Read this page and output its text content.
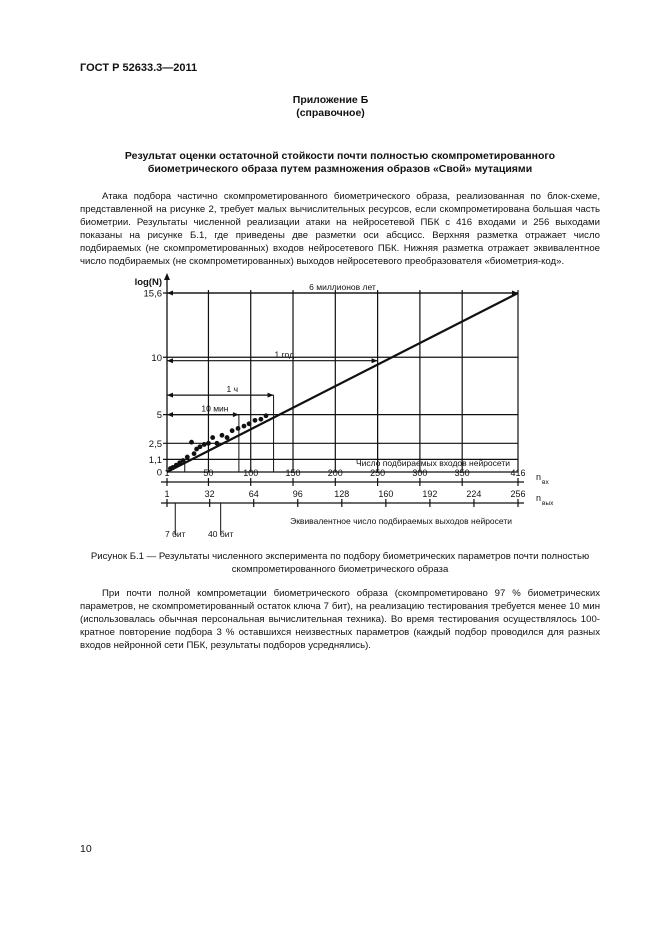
ГОСТ Р 52633.3—2011
Приложение Б
(справочное)
Результат оценки остаточной стойкости почти полностью скомпрометированного биометрического образа путем размножения образов «Свой» мутациями

Атака подбора частично скомпрометированного биометрического образа, реализованная по блок-схеме, представленной на рисунке 2, требует малых вычислительных ресурсов, если скомпрометирована большая часть биометрии. Результаты численной реализации атаки на нейросетевой ПБК с 416 входами и 256 выходами показаны на рисунке Б.1, где приведены две разметки оси абсцисс. Верхняя разметка отражает число подбираемых (не скомпрометированных) входов нейросетевого ПБК. Нижняя разметка отражает эквивалентное число подбираемых (не скомпрометированных) выходов нейросетевого преобразователя «биометрия-код».

0
1,1
2,5
5
10
15,6
log(N)	6 миллионов лет
1 год
1 ч
10 мин
Число подбираемых входов нейросети
1	50	100	150	200	250	300	350	416 n
вх
1	32	64	96	128	160	192	224	256 n
вых
7 бит	40 бит
Эквивалентное число подбираемых выходов нейросети
Рисунок Б.1 — Результаты численного эксперимента по подбору биометрических параметров почти полностью скомпрометированного биометрического образа

При почти полной компрометации биометрического образа (скомпрометировано 97 % биометрических параметров, не скомпрометированный остаток ключа 7 бит), на реализацию тестирования требуется менее 10 мин (использовалась обычная персональная вычислительная техника). Во время тестирования осуществлялось 100-кратное повторение подбора 3 % оставшихся неизвестных параметров (каждый подбор проводился для разных входов нейронной сети ПБК, результаты подборов усреднялись).

10
